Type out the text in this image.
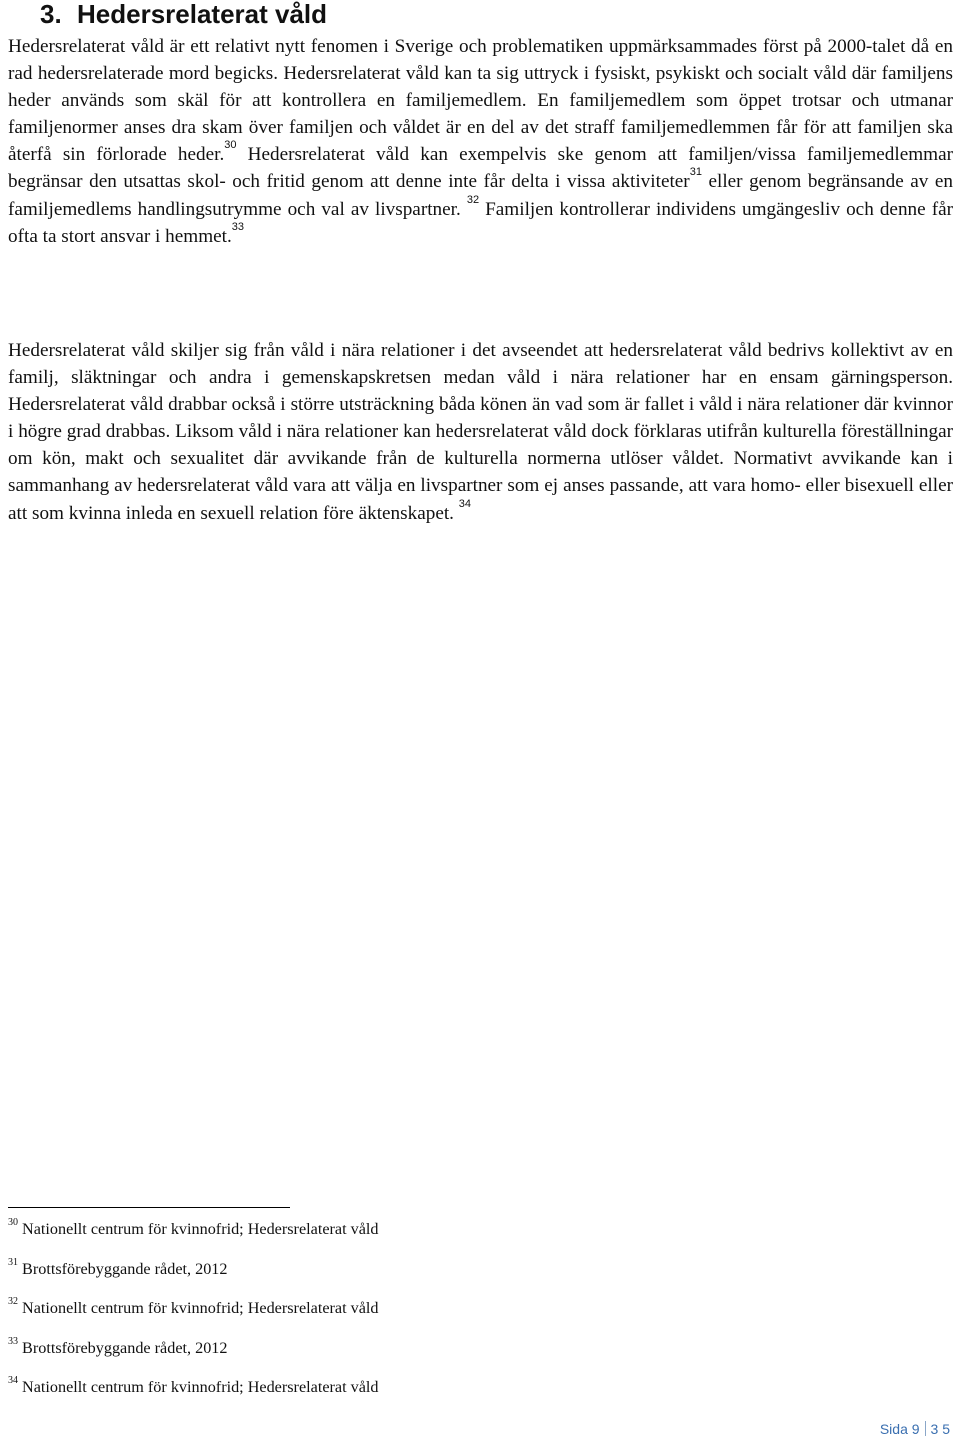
3. Hedersrelaterat våld

Hedersrelaterat våld är ett relativt nytt fenomen i Sverige och problematiken uppmärksammades först på 2000-talet då en rad hedersrelaterade mord begicks. Hedersrelaterat våld kan ta sig uttryck i fysiskt, psykiskt och socialt våld där familjens heder används som skäl för att kontrollera en familjemedlem. En familjemedlem som öppet trotsar och utmanar familjenormer anses dra skam över familjen och våldet är en del av det straff familjemedlemmen får för att familjen ska återfå sin förlorade heder.$^{30}$ Hedersrelaterat våld kan exempelvis ske genom att familjen/vissa familjemedlemmar begränsar den utsattas skol- och fritid genom att denne inte får delta i vissa aktiviteter$^{31}$ eller genom begränsande av en familjemedlems handlingsutrymme och val av livspartner. $^{32}$ Familjen kontrollerar individens umgängesliv och denne får ofta ta stort ansvar i hemmet.$^{33}$

Hedersrelaterat våld skiljer sig från våld i nära relationer i det avseendet att hedersrelaterat våld bedrivs kollektivt av en familj, släktningar och andra i gemenskapskretsen medan våld i nära relationer har en ensam gärningsperson. Hedersrelaterat våld drabbar också i större utsträckning båda könen än vad som är fallet i våld i nära relationer där kvinnor i högre grad drabbas. Liksom våld i nära relationer kan hedersrelaterat våld dock förklaras utifrån kulturella föreställningar om kön, makt och sexualitet där avvikande från de kulturella normerna utlöser våldet. Normativt avvikande kan i sammanhang av hedersrelaterat våld vara att välja en livspartner som ej anses passande, att vara homo- eller bisexuell eller att som kvinna inleda en sexuell relation före äktenskapet. $^{34}$

$^{30}$ Nationellt centrum för kvinnofrid; Hedersrelaterat våld

$^{31}$ Brottsförebyggande rådet, 2012

$^{32}$ Nationellt centrum för kvinnofrid; Hedersrelaterat våld

$^{33}$ Brottsförebyggande rådet, 2012

$^{34}$ Nationellt centrum för kvinnofrid; Hedersrelaterat våld

Sida 9 3 5
